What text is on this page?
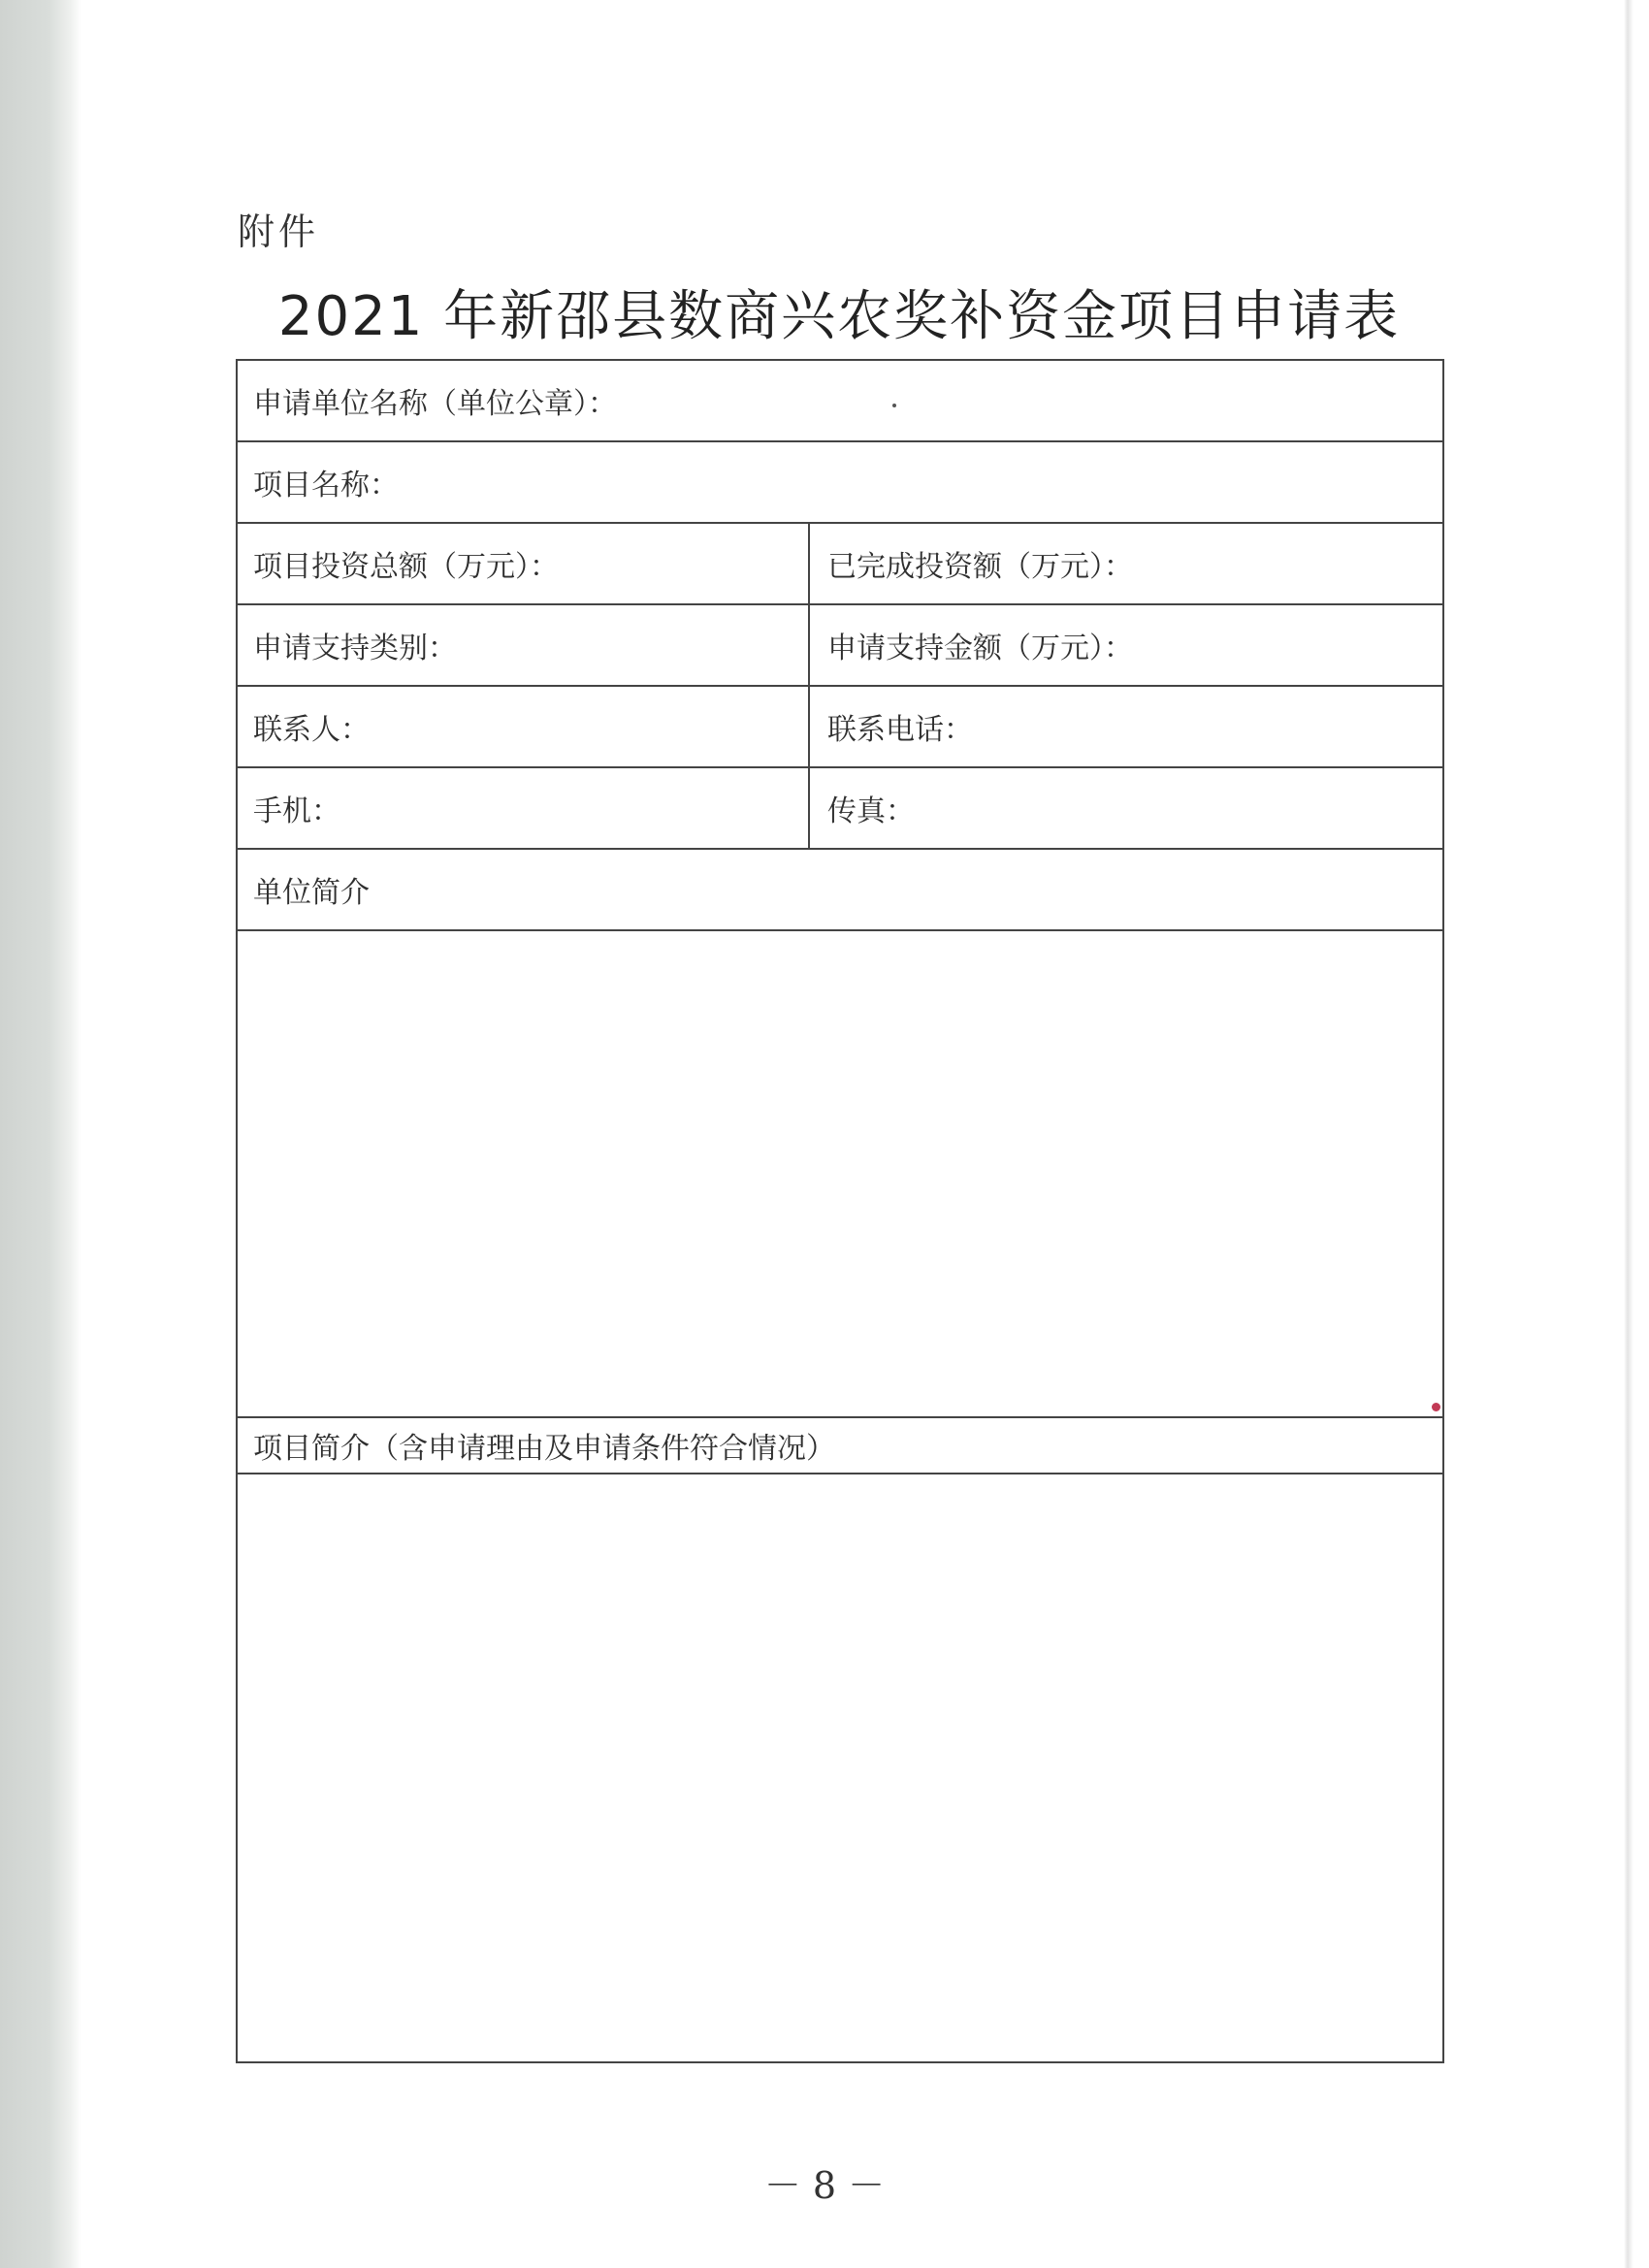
附件
2021 年新邵县数商兴农奖补资金项目申请表
申请单位名称（单位公章）：
项目名称：
项目投资总额（万元）：	已完成投资额（万元）：
申请支持类别：	申请支持金额（万元）：
联系人：	联系电话：
手机：	传真：
单位简介
项目简介（含申请理由及申请条件符合情况）
－ 8 －
